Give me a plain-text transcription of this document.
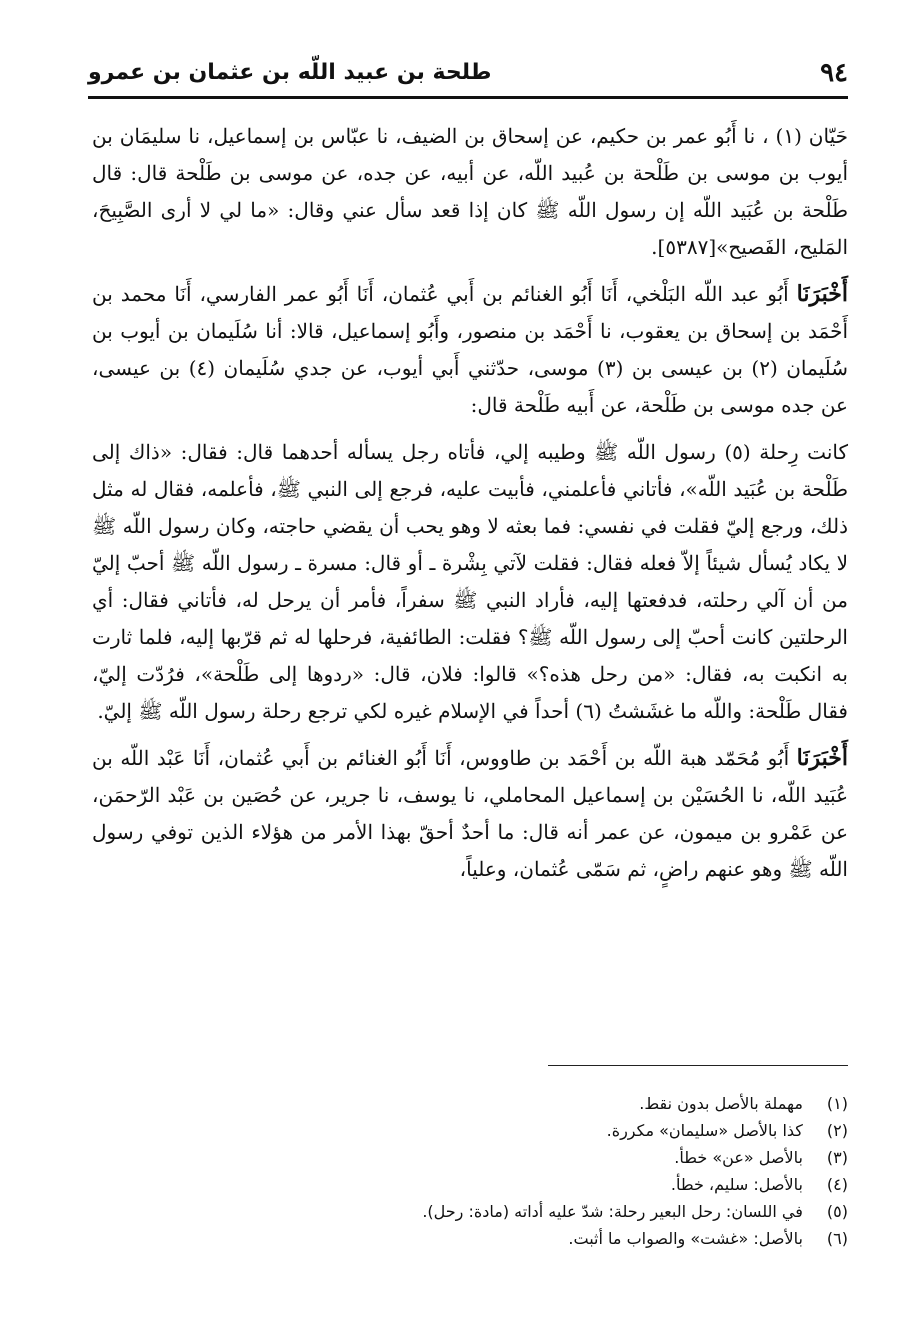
٩٤
طلحة بن عبيد اللّه بن عثمان بن عمرو

حَيّان (١) ، نا أَبُو عمر بن حكيم، عن إسحاق بن الضيف، نا عبّاس بن إسماعيل، نا سليمَان بن أيوب بن موسى بن طَلْحة بن عُبيد اللّه، عن أبيه، عن جده، عن موسى بن طَلْحة قال: قال طَلْحة بن عُبَيد اللّه إن رسول اللّه ﷺ كان إذا قعد سأل عني وقال: «ما لي لا أرى الصَّبِيحَ، المَليح، الفَصيح»[٥٣٨٧].

أَخْبَرَنَا أَبُو عبد اللّه البَلْخي، أَنَا أَبُو الغنائم بن أَبي عُثمان، أَنَا أَبُو عمر الفارسي، أَنَا محمد بن أَحْمَد بن إسحاق بن يعقوب، نا أَحْمَد بن منصور، وأَبُو إسماعيل، قالا: أنا سُلَيمان بن أيوب بن سُلَيمان (٢) بن عيسى بن (٣) موسى، حدّثني أَبي أيوب، عن جدي سُلَيمان (٤) بن عيسى، عن جده موسى بن طَلْحة، عن أَبيه طَلْحة قال:

كانت رِحلة (٥) رسول اللّه ﷺ وطيبه إلي، فأتاه رجل يسأله أحدهما قال: فقال: «ذاك إلى طَلْحة بن عُبَيد اللّه»، فأتاني فأعلمني، فأبيت عليه، فرجع إلى النبي ﷺ، فأعلمه، فقال له مثل ذلك، ورجع إليّ فقلت في نفسي: فما بعثه لا وهو يحب أن يقضي حاجته، وكان رسول اللّه ﷺ لا يكاد يُسأل شيئاً إلاّ فعله فقال: فقلت لآتي بِشْرة ـ أو قال: مسرة ـ رسول اللّه ﷺ أحبّ إليّ من أن آلي رحلته، فدفعتها إليه، فأراد النبي ﷺ سفراً، فأمر أن يرحل له، فأتاني فقال: أي الرحلتين كانت أحبّ إلى رسول اللّه ﷺ؟ فقلت: الطائفية، فرحلها له ثم قرّبها إليه، فلما ثارت به انكبت به، فقال: «من رحل هذه؟» قالوا: فلان، قال: «ردوها إلى طَلْحة»، فرُدّت إليّ، فقال طَلْحة: واللّه ما غشَشتُ (٦) أحداً في الإسلام غيره لكي ترجع رحلة رسول اللّه ﷺ إليّ.

أَخْبَرَنَا أَبُو مُحَمّد هبة اللّه بن أَحْمَد بن طاووس، أَنَا أَبُو الغنائم بن أَبي عُثمان، أَنَا عَبْد اللّه بن عُبَيد اللّه، نا الحُسَيْن بن إسماعيل المحاملي، نا يوسف، نا جرير، عن حُصَين بن عَبْد الرّحمَن، عن عَمْرو بن ميمون، عن عمر أنه قال: ما أحدٌ أحقّ بهذا الأمر من هؤلاء الذين توفي رسول اللّه ﷺ وهو عنهم راضٍ، ثم سَمّى عُثمان، وعلياً،

(١) مهملة بالأصل بدون نقط.
(٢) كذا بالأصل «سليمان» مكررة.
(٣) بالأصل «عن» خطأ.
(٤) بالأصل: سليم، خطأ.
(٥) في اللسان: رحل البعير رحلة: شدّ عليه أداته (مادة: رحل).
(٦) بالأصل: «غشت» والصواب ما أثبت.
